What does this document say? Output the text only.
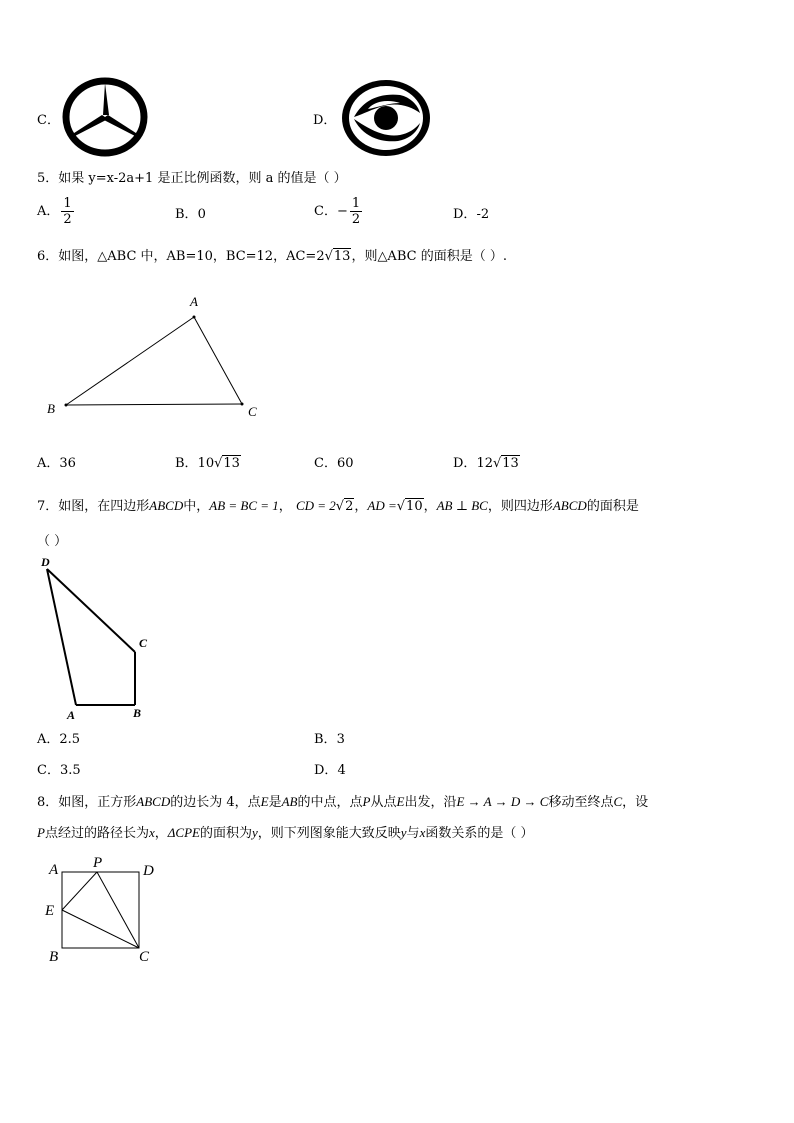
C．	D．
5．如果 y=x-2a+1 是正比例函数，则 a 的值是（ ）
A． $\frac{1}{2}$	B．0	C．− $\frac{1}{2}$	D．-2
6．如图，△ABC 中，AB=10，BC=12，AC=2√13，则△ABC 的面积是（ ）.
A
B	C
A．36	B．10√13	C．60	D．12√13
7．如图，在四边形ABCD中，AB = BC = 1， CD = 2√2，AD =√10，AB ⊥ BC，则四边形ABCD的面积是
（ ）
D
C
A	B
A．2.5	B．3
C．3.5	D．4
8．如图，正方形ABCD的边长为 4，点E是AB的中点，点P从点E出发，沿E → A → D → C移动至终点C，设
P点经过的路径长为x，ΔCPE的面积为y，则下列图象能大致反映y与x函数关系的是（ ）
A P	D
E
B	C
